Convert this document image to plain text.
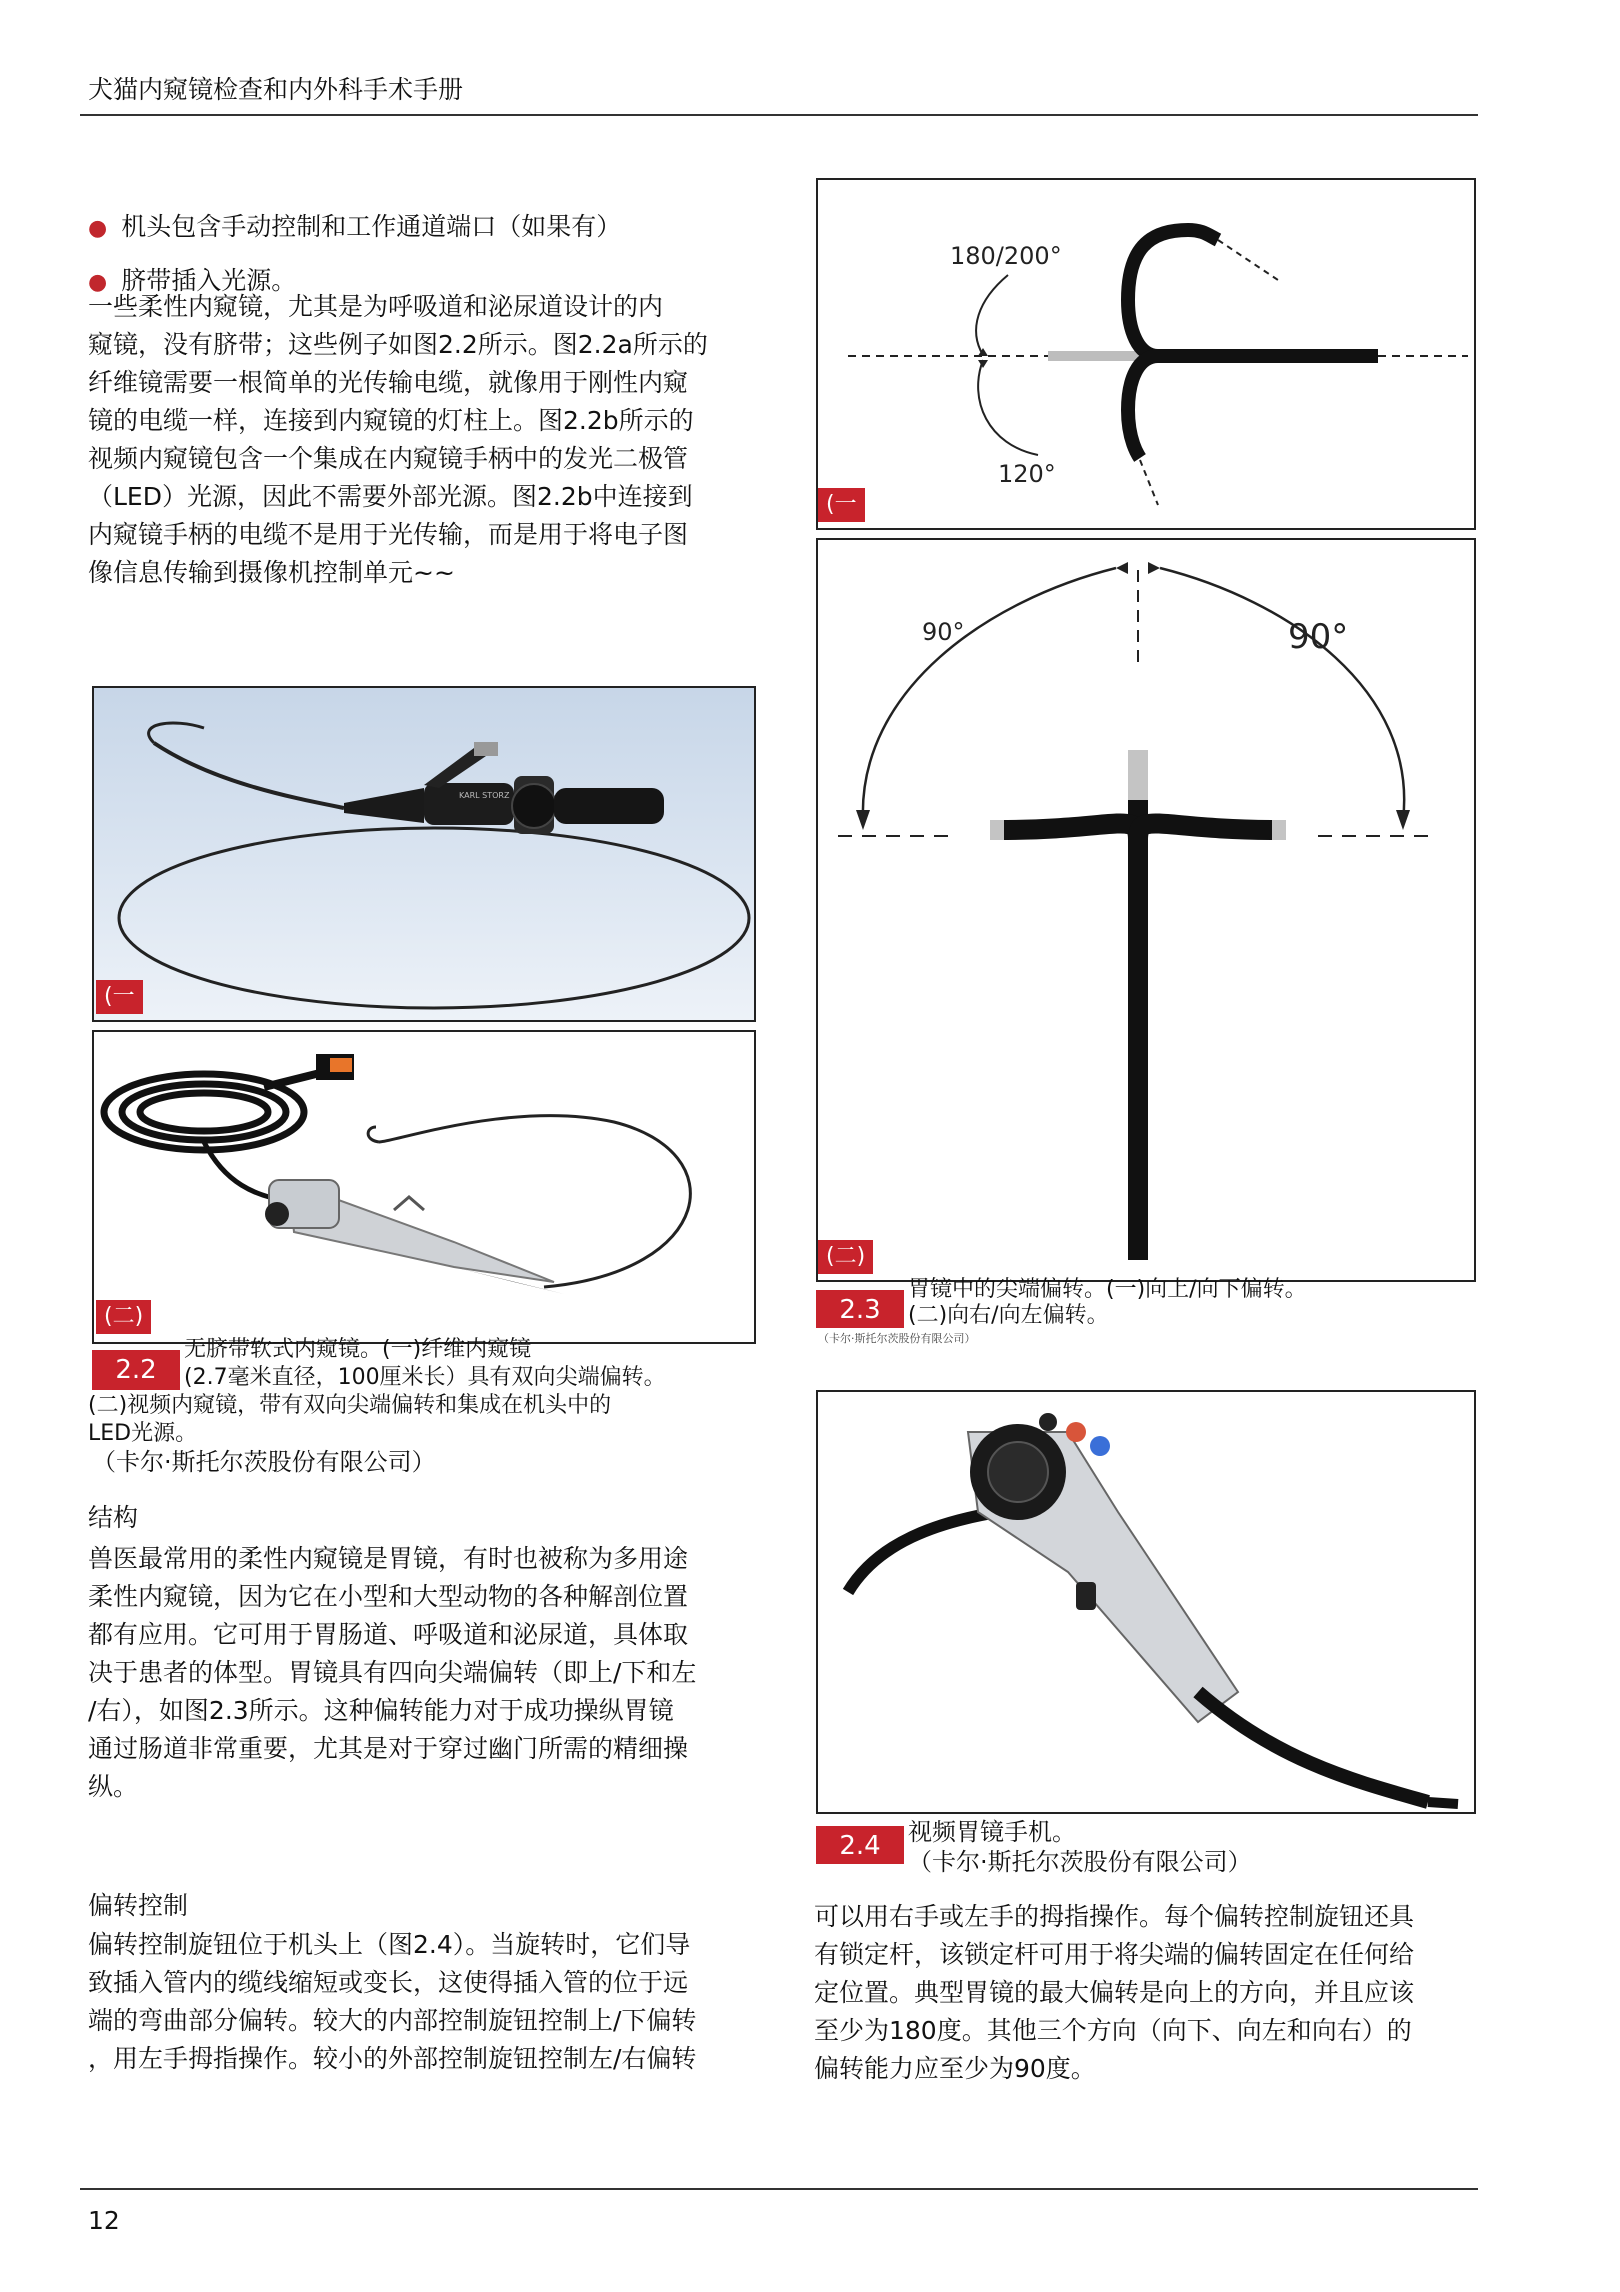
犬猫内窥镜检查和内外科手术手册

● 机头包含手动控制和工作通道端口（如果有）

● 脐带插入光源。

一些柔性内窥镜，尤其是为呼吸道和泌尿道设计的内
窥镜，没有脐带；这些例子如图2.2所示。图2.2a所示的
纤维镜需要一根简单的光传输电缆，就像用于刚性内窥
镜的电缆一样，连接到内窥镜的灯柱上。图2.2b所示的
视频内窥镜包含一个集成在内窥镜手柄中的发光二极管
（LED）光源，因此不需要外部光源。图2.2b中连接到
内窥镜手柄的电缆不是用于光传输，而是用于将电子图
像信息传输到摄像机控制单元~~
KARL STORZ
(一
(二)
2.2
无脐带软式内窥镜。(一)纤维内窥镜
(2.7毫米直径，100厘米长）具有双向尖端偏转。
(二)视频内窥镜，带有双向尖端偏转和集成在机头中的
LED光源。
（卡尔·斯托尔茨股份有限公司）
结构
兽医最常用的柔性内窥镜是胃镜，有时也被称为多用途
柔性内窥镜，因为它在小型和大型动物的各种解剖位置
都有应用。它可用于胃肠道、呼吸道和泌尿道，具体取
决于患者的体型。胃镜具有四向尖端偏转（即上/下和左
/右），如图2.3所示。这种偏转能力对于成功操纵胃镜
通过肠道非常重要，尤其是对于穿过幽门所需的精细操
纵。
偏转控制
偏转控制旋钮位于机头上（图2.4）。当旋转时，它们导
致插入管内的缆线缩短或变长，这使得插入管的位于远
端的弯曲部分偏转。较大的内部控制旋钮控制上/下偏转
，用左手拇指操作。较小的外部控制旋钮控制左/右偏转
180/200°
120°
(一
90°	90°
(二)
2.3
胃镜中的尖端偏转。(一)向上/向下偏转。
(二)向右/向左偏转。
（卡尔·斯托尔茨股份有限公司）
2.4	视频胃镜手机。
（卡尔·斯托尔茨股份有限公司）
可以用右手或左手的拇指操作。每个偏转控制旋钮还具
有锁定杆，该锁定杆可用于将尖端的偏转固定在任何给
定位置。典型胃镜的最大偏转是向上的方向，并且应该
至少为180度。其他三个方向（向下、向左和向右）的
偏转能力应至少为90度。
12
